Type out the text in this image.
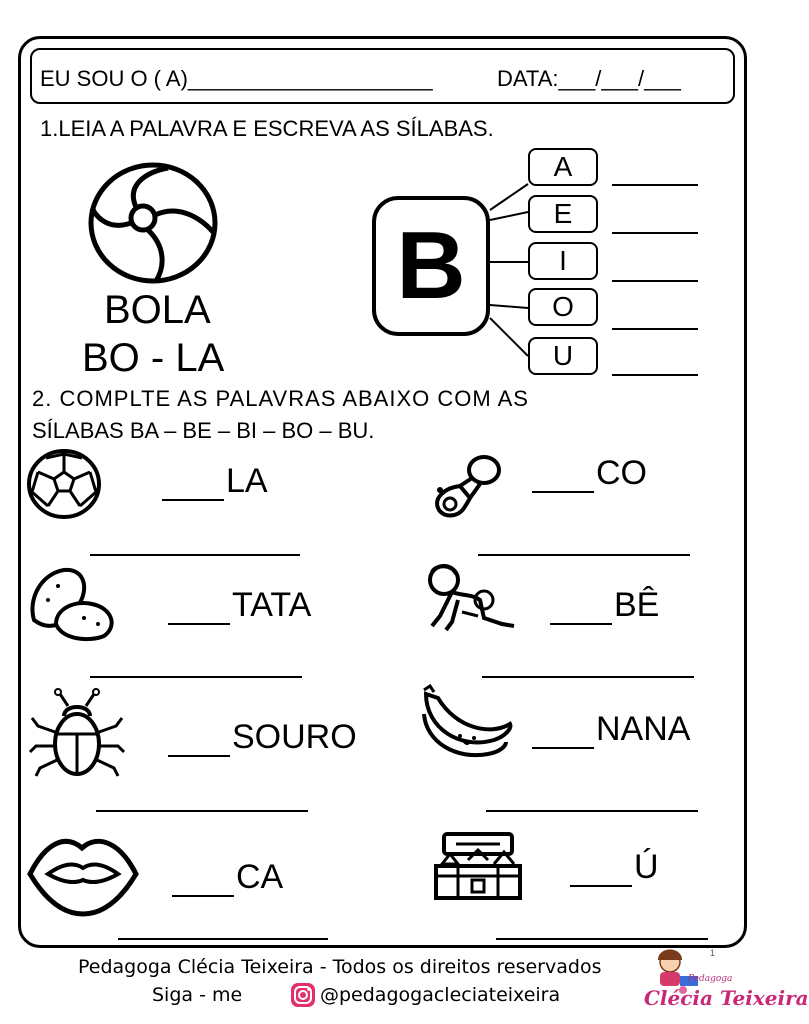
EU SOU O ( A)____________________	DATA:___/___/___
1.LEIA A PALAVRA E ESCREVA AS SÍLABAS.
BOLA
BO - LA
B
A
E
I
O
U
2. COMPLTE AS PALAVRAS ABAIXO COM AS
SÍLABAS BA – BE – BI – BO – BU.
LA	CO
TATA	BÊ
SOURO	NANA
CA	Ú
Pedagoga Clécia Teixeira - Todos os direitos reservados
Siga - me	@pedagogacleciateixeira
1
Pedagoga
Clécia Teixeira
